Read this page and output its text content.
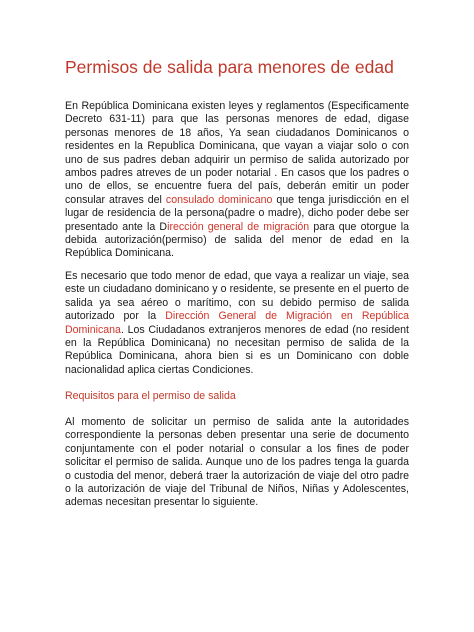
Permisos de salida para menores de edad

En República Dominicana existen leyes y reglamentos (Especificamente Decreto 631-11) para que las personas menores de edad, digase personas menores de 18 años, Ya sean ciudadanos Dominicanos o residentes en la Republica Dominicana, que vayan a viajar solo o con uno de sus padres deban adquirir un permiso de salida autorizado por ambos padres atreves de un poder notarial . En casos que los padres o uno de ellos, se encuentre fuera del país, deberán emitir un poder consular atraves del consulado dominicano que tenga jurisdicción en el lugar de residencia de la persona(padre o madre), dicho poder debe ser presentado ante la Dirección general de migración para que otorgue la debida autorización(permiso) de salida del menor de edad en la República Dominicana.

Es necesario que todo menor de edad, que vaya a realizar un viaje, sea este un ciudadano dominicano y o residente, se presente en el puerto de salida ya sea aéreo o marítimo, con su debido permiso de salida autorizado por la Dirección General de Migración en República Dominicana. Los Ciudadanos extranjeros menores de edad (no resident en la República Dominicana) no necesitan permiso de salida de la República Dominicana, ahora bien si es un Dominicano con doble nacionalidad aplica ciertas Condiciones.

Requisitos para el permiso de salida

Al momento de solicitar un permiso de salida ante la autoridades correspondiente la personas deben presentar una serie de documento conjuntamente con el poder notarial o consular a los fines de poder solicitar el permiso de salida. Aunque uno de los padres tenga la guarda o custodia del menor, deberá traer la autorización de viaje del otro padre o la autorización de viaje del Tribunal de Niños, Niñas y Adolescentes, ademas necesitan presentar lo siguiente.
